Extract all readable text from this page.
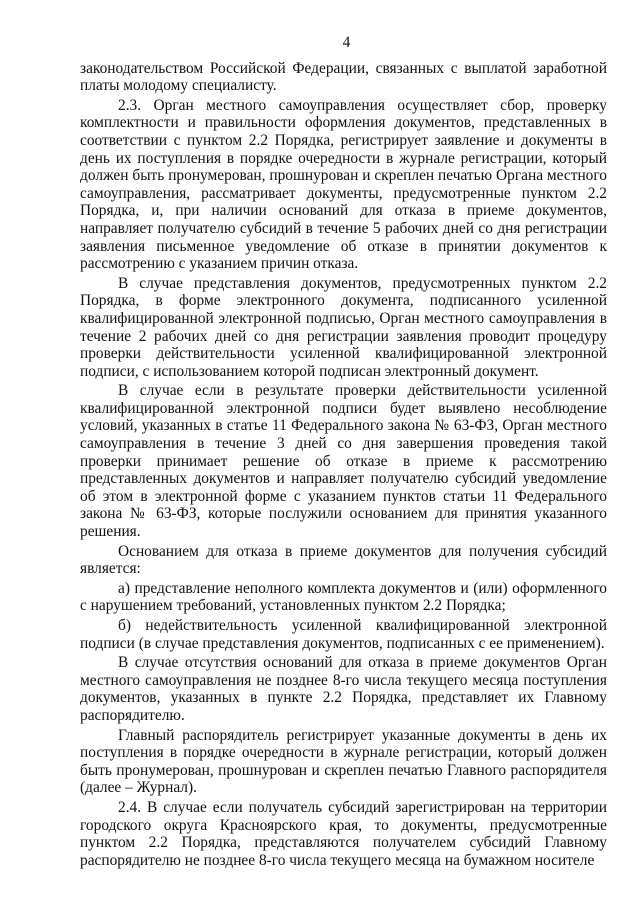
4

законодательством Российской Федерации, связанных с выплатой заработной платы молодому специалисту.

2.3. Орган местного самоуправления осуществляет сбор, проверку комплектности и правильности оформления документов, представленных в соответствии с пунктом 2.2 Порядка, регистрирует заявление и документы в день их поступления в порядке очередности в журнале регистрации, который должен быть пронумерован, прошнурован и скреплен печатью Органа местного самоуправления, рассматривает документы, предусмотренные пунктом 2.2 Порядка, и, при наличии оснований для отказа в приеме документов, направляет получателю субсидий в течение 5 рабочих дней со дня регистрации заявления письменное уведомление об отказе в принятии документов к рассмотрению с указанием причин отказа.

В случае представления документов, предусмотренных пунктом 2.2 Порядка, в форме электронного документа, подписанного усиленной квалифицированной электронной подписью, Орган местного самоуправления в течение 2 рабочих дней со дня регистрации заявления проводит процедуру проверки действительности усиленной квалифицированной электронной подписи, с использованием которой подписан электронный документ.

В случае если в результате проверки действительности усиленной квалифицированной электронной подписи будет выявлено несоблюдение условий, указанных в статье 11 Федерального закона № 63-ФЗ, Орган местного самоуправления в течение 3 дней со дня завершения проведения такой проверки принимает решение об отказе в приеме к рассмотрению представленных документов и направляет получателю субсидий уведомление об этом в электронной форме с указанием пунктов статьи 11 Федерального закона № 63-ФЗ, которые послужили основанием для принятия указанного решения.

Основанием для отказа в приеме документов для получения субсидий является:

а) представление неполного комплекта документов и (или) оформленного с нарушением требований, установленных пунктом 2.2 Порядка;

б) недействительность усиленной квалифицированной электронной подписи (в случае представления документов, подписанных с ее применением).

В случае отсутствия оснований для отказа в приеме документов Орган местного самоуправления не позднее 8-го числа текущего месяца поступления документов, указанных в пункте 2.2 Порядка, представляет их Главному распорядителю.

Главный распорядитель регистрирует указанные документы в день их поступления в порядке очередности в журнале регистрации, который должен быть пронумерован, прошнурован и скреплен печатью Главного распорядителя (далее – Журнал).

2.4. В случае если получатель субсидий зарегистрирован на территории городского округа Красноярского края, то документы, предусмотренные пунктом 2.2 Порядка, представляются получателем субсидий Главному распорядителю не позднее 8-го числа текущего месяца на бумажном носителе
